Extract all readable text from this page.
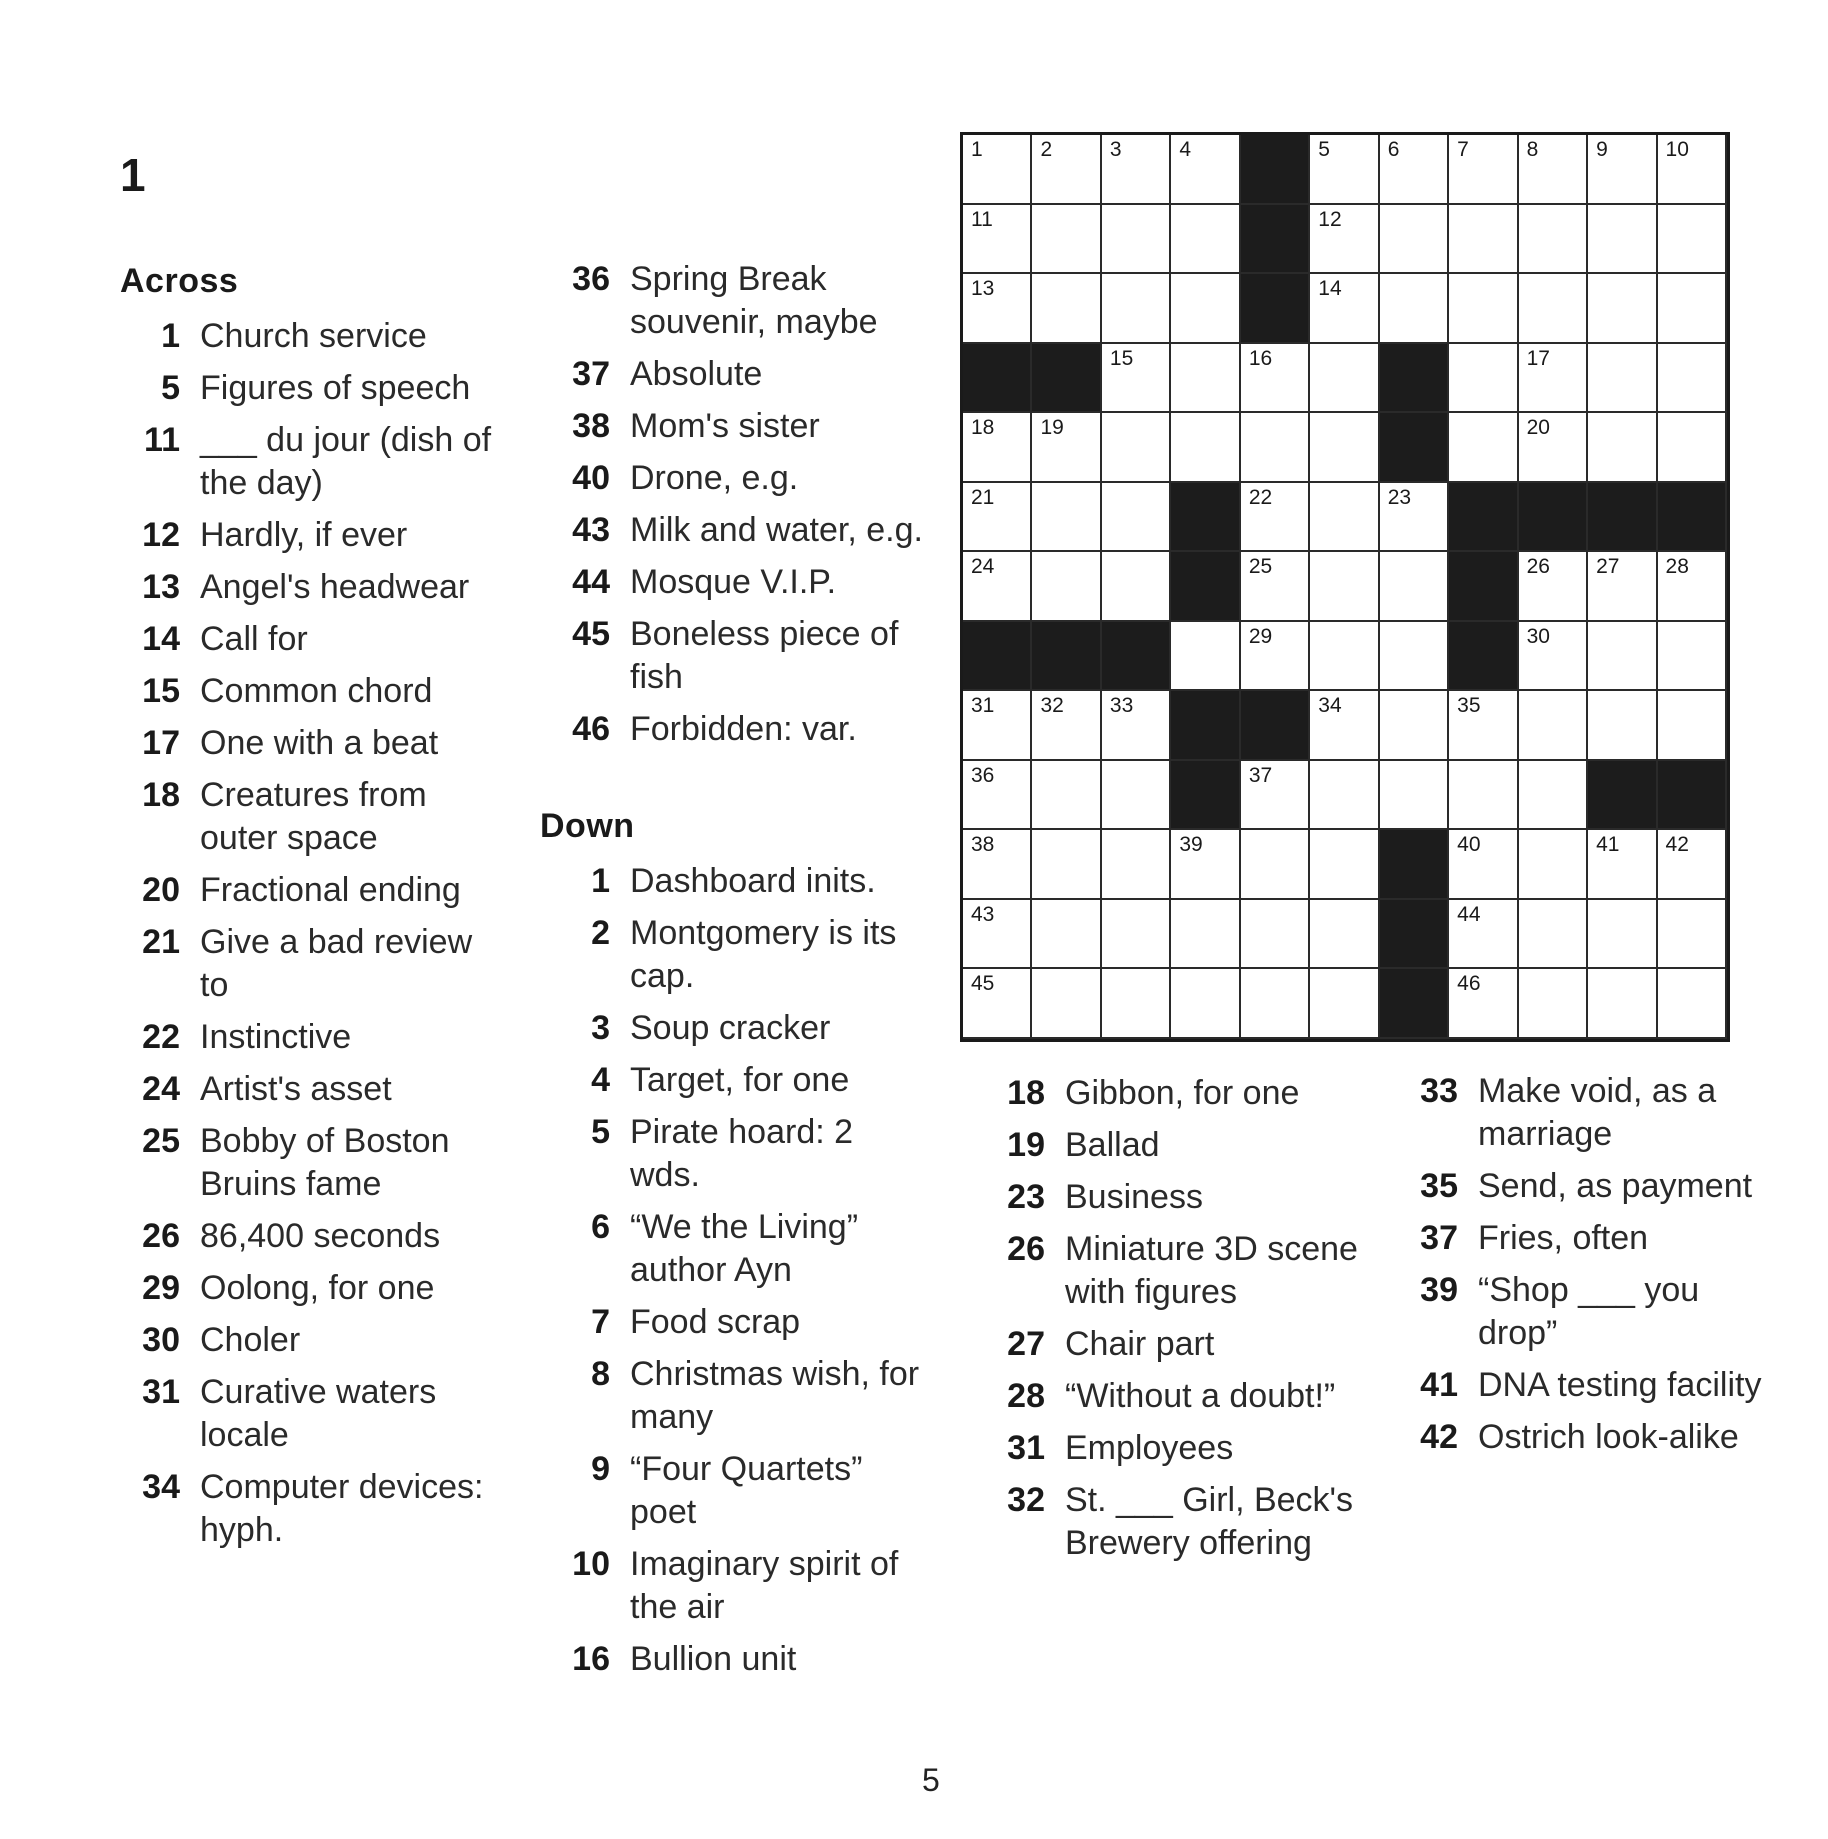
1
Across
1 Church service
5 Figures of speech
11 ___ du jour (dish of the day)
12 Hardly, if ever
13 Angel's headwear
14 Call for
15 Common chord
17 One with a beat
18 Creatures from outer space
20 Fractional ending
21 Give a bad review to
22 Instinctive
24 Artist's asset
25 Bobby of Boston Bruins fame
26 86,400 seconds
29 Oolong, for one
30 Choler
31 Curative waters locale
34 Computer devices: hyph.
36 Spring Break souvenir, maybe
37 Absolute
38 Mom's sister
40 Drone, e.g.
43 Milk and water, e.g.
44 Mosque V.I.P.
45 Boneless piece of fish
46 Forbidden: var.
Down
1 Dashboard inits.
2 Montgomery is its cap.
3 Soup cracker
4 Target, for one
5 Pirate hoard: 2 wds.
6 “We the Living” author Ayn
7 Food scrap
8 Christmas wish, for many
9 “Four Quartets” poet
10 Imaginary spirit of the air
16 Bullion unit
1	2	3	4	5	6	7	8	9	10
11	12
13	14
15	16	17
18 19	20
21	22	23
24	25	26 27 28
29	30
31 32 33	34	35
36	37
38	39	40	41 42
43	44
45	46
18 Gibbon, for one
19 Ballad
23 Business
26 Miniature 3D scene with figures
27 Chair part
28 “Without a doubt!”
31 Employees
32 St. ___ Girl, Beck's Brewery offering
33 Make void, as a marriage
35 Send, as payment
37 Fries, often
39 “Shop ___ you drop”
41 DNA testing facility
42 Ostrich look-alike
5
